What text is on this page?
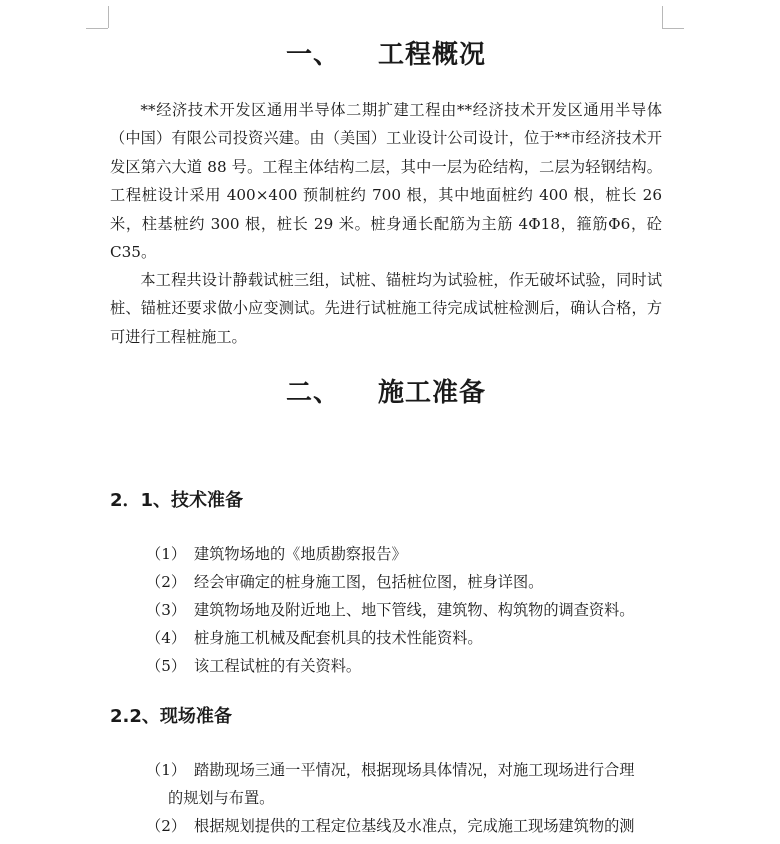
一、 工程概况

**经济技术开发区通用半导体二期扩建工程由**经济技术开发区通用半导体（中国）有限公司投资兴建。由（美国）工业设计公司设计，位于**市经济技术开发区第六大道 88 号。工程主体结构二层，其中一层为砼结构，二层为轻钢结构。工程桩设计采用 400×400 预制桩约 700 根，其中地面桩约 400 根，桩长 26 米，柱基桩约 300 根，桩长 29 米。桩身通长配筋为主筋 4Φ18，箍筋Φ6，砼 C35。

本工程共设计静载试桩三组，试桩、锚桩均为试验桩，作无破坏试验，同时试桩、锚桩还要求做小应变测试。先进行试桩施工待完成试桩检测后，确认合格，方可进行工程桩施工。

二、 施工准备
2．1、技术准备
（1） 建筑物场地的《地质勘察报告》
（2） 经会审确定的桩身施工图，包括桩位图，桩身详图。
（3） 建筑物场地及附近地上、地下管线，建筑物、构筑物的调查资料。
（4） 桩身施工机械及配套机具的技术性能资料。
（5） 该工程试桩的有关资料。
2.2、现场准备
（1） 踏勘现场三通一平情况，根据现场具体情况，对施工现场进行合理
的规划与布置。
（2） 根据规划提供的工程定位基线及水准点，完成施工现场建筑物的测
